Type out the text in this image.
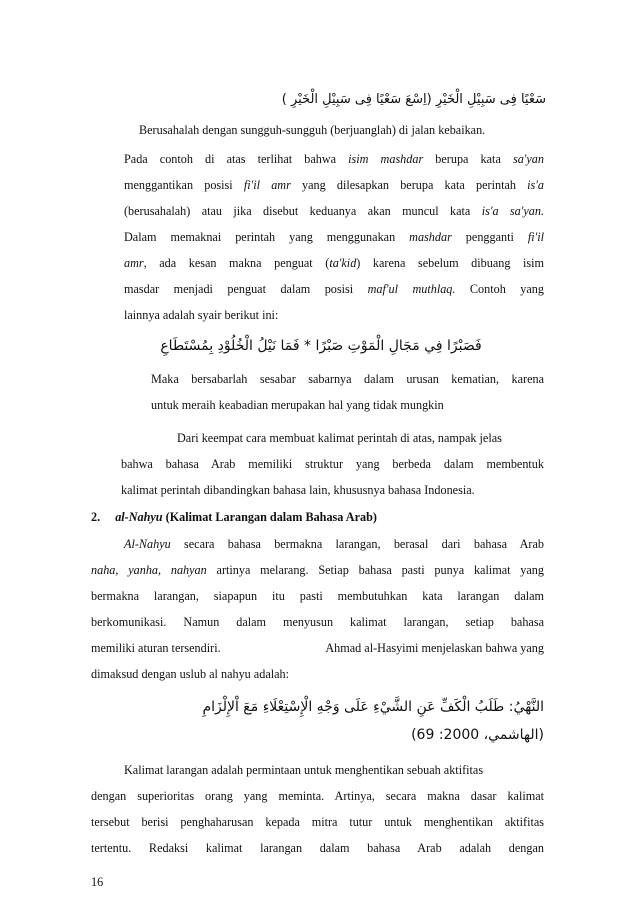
سَعْيًا فِى سَبِيْلِ الْخَيْرِ (اِسْعَ سَعْيًا فِى سَبِيْلِ الْخَيْرِ )
Berusahalah dengan sungguh-sungguh (berjuanglah) di jalan kebaikan.
Pada contoh di atas terlihat bahwa isim mashdar berupa kata sa'yan
menggantikan posisi fi'il amr yang dilesapkan berupa kata perintah is'a
(berusahalah) atau jika disebut keduanya akan muncul kata is'a sa'yan.
Dalam memaknai perintah yang menggunakan mashdar pengganti fi'il
amr, ada kesan makna penguat (ta'kid) karena sebelum dibuang isim
masdar menjadi penguat dalam posisi maf'ul muthlaq. Contoh yang
lainnya adalah syair berikut ini:
فَصَبْرًا فِي مَجَالِ الْمَوْتِ صَبْرًا * فَمَا نَيْلُ الْخُلُوْدِ بِمُسْتَطَاعِ
Maka bersabarlah sesabar sabarnya dalam urusan kematian, karena
untuk meraih keabadian merupakan hal yang tidak mungkin
Dari keempat cara membuat kalimat perintah di atas, nampak jelas
bahwa bahasa Arab memiliki struktur yang berbeda dalam membentuk
kalimat perintah dibandingkan bahasa lain, khususnya bahasa Indonesia.
2. al-Nahyu (Kalimat Larangan dalam Bahasa Arab)
Al-Nahyu secara bahasa bermakna larangan, berasal dari bahasa Arab
naha, yanha, nahyan artinya melarang. Setiap bahasa pasti punya kalimat yang
bermakna larangan, siapapun itu pasti membutuhkan kata larangan dalam
berkomunikasi. Namun dalam menyusun kalimat larangan, setiap bahasa
memiliki aturan tersendiri.	Ahmad al-Hasyimi menjelaskan bahwa yang
dimaksud dengan uslub al nahyu adalah:
النَّهْيُ: طَلَبُ الْكَفِّ عَنِ الشَّيْءِ عَلَى وَجْهِ الْإِسْتِعْلَاءِ مَعَ اْلإِلْزَامِ
(الهاشمي، 2000: 69)
Kalimat larangan adalah permintaan untuk menghentikan sebuah aktifitas
dengan superioritas orang yang meminta. Artinya, secara makna dasar kalimat
tersebut berisi penghaharusan kepada mitra tutur untuk menghentikan aktifitas
tertentu. Redaksi kalimat larangan dalam bahasa Arab adalah dengan
16
